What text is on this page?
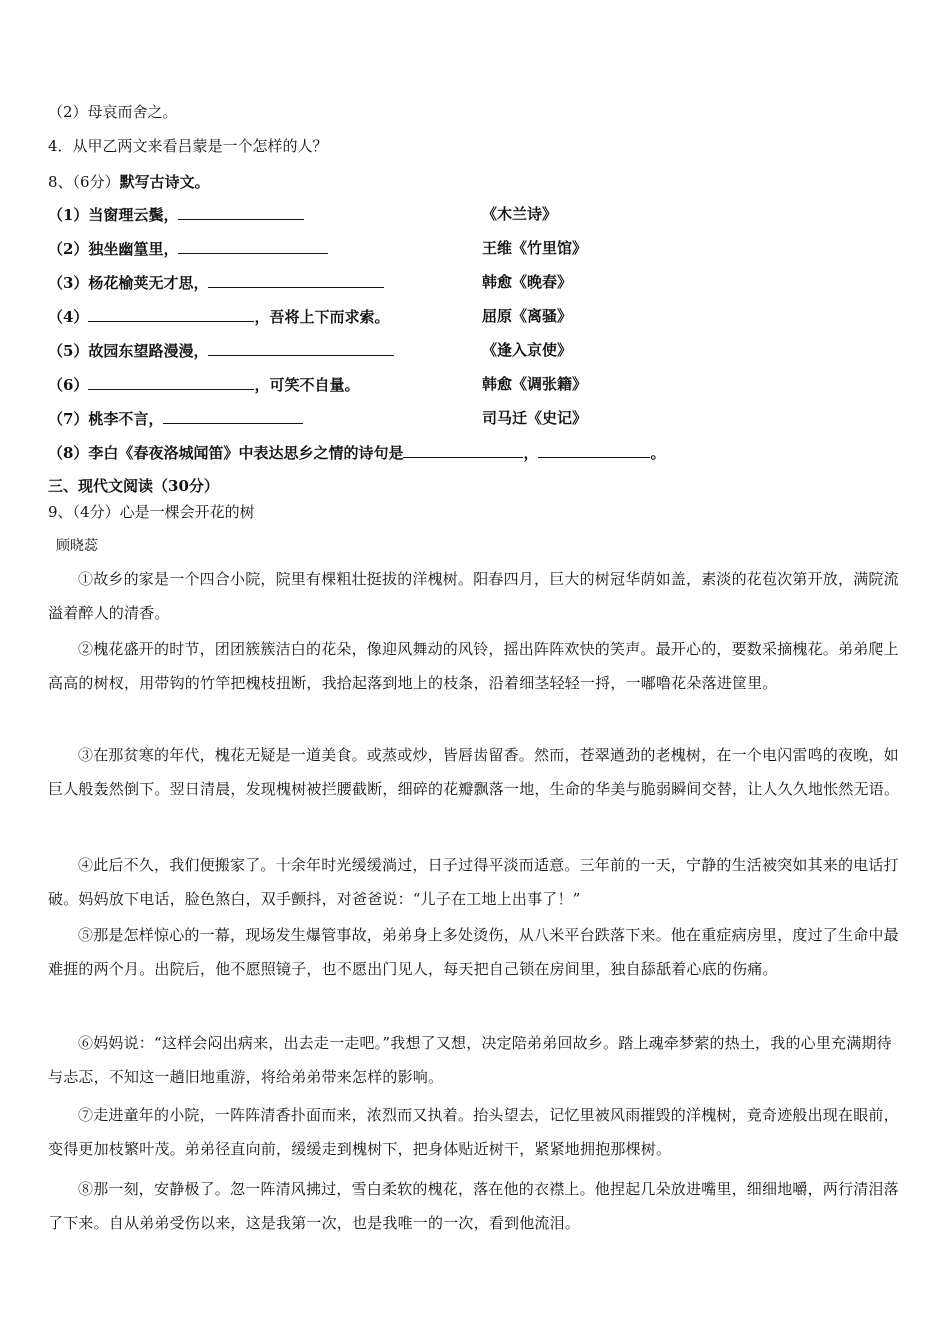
（2）母哀而舍之。
4．从甲乙两文来看吕蒙是一个怎样的人？
8、（6分）默写古诗文。
（1）当窗理云鬓，	《木兰诗》
（2）独坐幽篁里，	王维《竹里馆》
（3）杨花榆荚无才思，	韩愈《晚春》
（4）	，吾将上下而求索。	屈原《离骚》
（5）故园东望路漫漫，	《逢入京使》
（6）	，可笑不自量。	韩愈《调张籍》
（7）桃李不言，	司马迁《史记》
（8）李白《春夜洛城闻笛》中表达思乡之情的诗句是	，	。
三、现代文阅读（30分）
9、（4分）心是一棵会开花的树
顾晓蕊
①故乡的家是一个四合小院，院里有棵粗壮挺拔的洋槐树。阳春四月，巨大的树冠华荫如盖，素淡的花苞次第开放，满院流溢着醉人的清香。
②槐花盛开的时节，团团簇簇洁白的花朵，像迎风舞动的风铃，摇出阵阵欢快的笑声。最开心的，要数采摘槐花。弟弟爬上高高的树杈，用带钩的竹竿把槐枝扭断，我拾起落到地上的枝条，沿着细茎轻轻一捋，一嘟噜花朵落进筐里。
③在那贫寒的年代，槐花无疑是一道美食。或蒸或炒，皆唇齿留香。然而，苍翠遒劲的老槐树，在一个电闪雷鸣的夜晚，如巨人般轰然倒下。翌日清晨，发现槐树被拦腰截断，细碎的花瓣飘落一地，生命的华美与脆弱瞬间交替，让人久久地怅然无语。
④此后不久，我们便搬家了。十余年时光缓缓淌过，日子过得平淡而适意。三年前的一天，宁静的生活被突如其来的电话打破。妈妈放下电话，脸色煞白，双手颤抖，对爸爸说：“儿子在工地上出事了！”
⑤那是怎样惊心的一幕，现场发生爆管事故，弟弟身上多处烫伤，从八米平台跌落下来。他在重症病房里，度过了生命中最难捱的两个月。出院后，他不愿照镜子，也不愿出门见人，每天把自己锁在房间里，独自舔舐着心底的伤痛。
⑥妈妈说：“这样会闷出病来，出去走一走吧。”我想了又想，决定陪弟弟回故乡。踏上魂牵梦萦的热土，我的心里充满期待与忐忑，不知这一趟旧地重游，将给弟弟带来怎样的影响。
⑦走进童年的小院，一阵阵清香扑面而来，浓烈而又执着。抬头望去，记忆里被风雨摧毁的洋槐树，竟奇迹般出现在眼前，变得更加枝繁叶茂。弟弟径直向前，缓缓走到槐树下，把身体贴近树干，紧紧地拥抱那棵树。
⑧那一刻，安静极了。忽一阵清风拂过，雪白柔软的槐花，落在他的衣襟上。他捏起几朵放进嘴里，细细地嚼，两行清泪落了下来。自从弟弟受伤以来，这是我第一次，也是我唯一的一次，看到他流泪。
